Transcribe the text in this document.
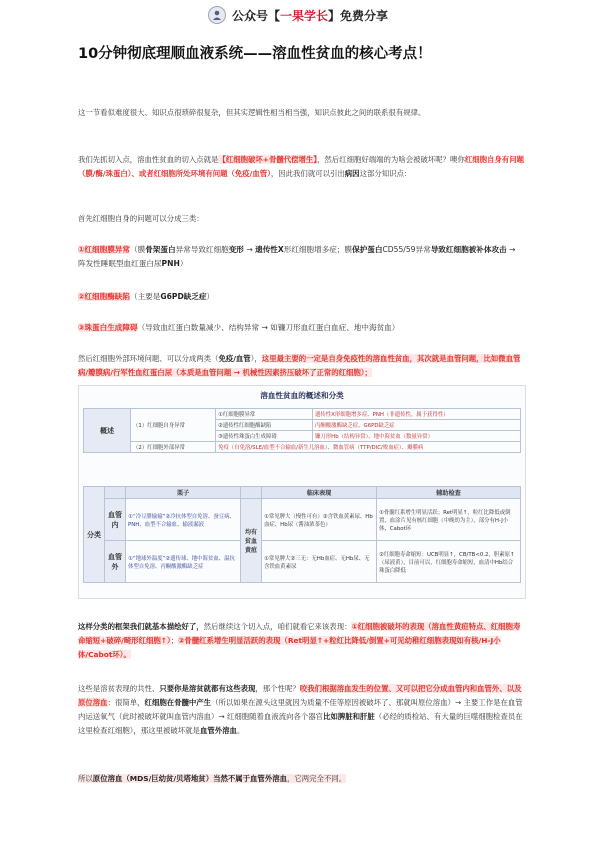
公众号【一果学长】免费分享
10分钟彻底理顺血液系统——溶血性贫血的核心考点！
这一节看似难度很大、知识点很琐碎很复杂，但其实逻辑性相当相当强，知识点彼此之间的联系很有规律。
我们先抓切入点，溶血性贫血的切入点就是【红细胞破坏+骨髓代偿增生】，然后红细胞好端端的为啥会被破坏呢？噢你红细胞自身有问题（膜/酶/珠蛋白）、或者红细胞所处环境有问题（免疫/血管），因此我们就可以引出病因这部分知识点：
首先红细胞自身的问题可以分成三类：
①红细胞膜异常（膜骨架蛋白异常导致红细胞变形 → 遗传性X形红细胞增多症；膜保护蛋白CD55/59异常导致红细胞被补体攻击 → 阵发性睡眠型血红蛋白尿PNH）
②红细胞酶缺陷（主要是G6PD缺乏症）
③珠蛋白生成障碍（导致血红蛋白数量减少、结构异常 → 如镰刀形血红蛋白血症、地中海贫血）
然后红细胞外部环境问题、可以分成两类（免疫/血管），这里最主要的一定是自身免疫性的溶血性贫血，其次就是血管问题，比如微血管病/瓣膜病/行军性血红蛋白尿（本质是血管问题 → 机械性因素挤压破坏了正常的红细胞）；
溶血性贫血的概述和分类
概述	（1）红细胞自身异常	①红细胞膜异常	遗传性X形细胞增多症、PNH（非遗传性，属于获得性）
		②遗传性红细胞酶缺陷	丙酮酸激酶缺乏症、G6PD缺乏症
		③遗传性珠蛋白生成障碍	镰刀形Hb（结构异常）、地中海贫血（数量异常）
	（2）红细胞外部异常	免疫（自免溶/SLE/血型不合输血/新生儿溶血）、微血管病（TTP/DIC/败血症）、瓣膜病	
分类		栗子		临床表现	辅助检查
	血管内	①“冷豆腊输输”②冷抗体型自免溶、蚕豆病、PNH、血型不合输血、输液漏液	均有贫血黄疸	①常见脾大（慢性可有）②含铁血黄素尿、Hb血症、Hb尿（酱油浓茶色）	①骨髓红系增生明显活跃；Ret明显↑，粒红比降低或倒置，血涂片见有核红细胞（中晚幼为主），部分有H-J小体、Cabot环
	血管外	①“地球外温度”②遗传球、地中海贫血、温抗体型自免溶、丙酮酸激酶缺乏症		①常见脾大②三无：无Hb血症、无Hb尿、无含铁血黄素尿	②红细胞寿命缩短：UCB明显↑，CB/TB<0.2，胆素原↑（尿液黄），目前可以，红细胞寿命缩短，血清中Hb结合珠蛋白降低
这样分类的框架我们就基本描绘好了，然后继续这个切入点，咱们就看它来该表现：①红细胞被破坏的表现（溶血性黄疸特点、红细胞寿命缩短+破碎/畸形红细胞↑）；②骨髓红系增生明显活跃的表现（Ret明显↑+粒红比降低/倒置+可见幼稚红细胞表现如有核/H-J小体/Cabot环）。
这些是溶贫表现的共性、只要你是溶贫就都有这些表现，那个性呢？咬我们根据溶血发生的位置、又可以把它分成血管内和血管外、以及原位溶血：很简单，红细胞在骨髓中产生（所以如果在源头这里就因为质量不佳等原因被破坏了、那就叫原位溶血）→ 主要工作是在血管内运送氧气（此时被破坏就叫血管内溶血）→ 红细胞随着血液流向各个器官比如脾脏和肝脏（必经的质检站、有大量的巨噬细胞检查员在这里检查红细胞），那这里被破坏就是血管外溶血。
所以原位溶血（MDS/巨幼贫/贝塔地贫）当然不属于血管外溶血，它两完全不同。
